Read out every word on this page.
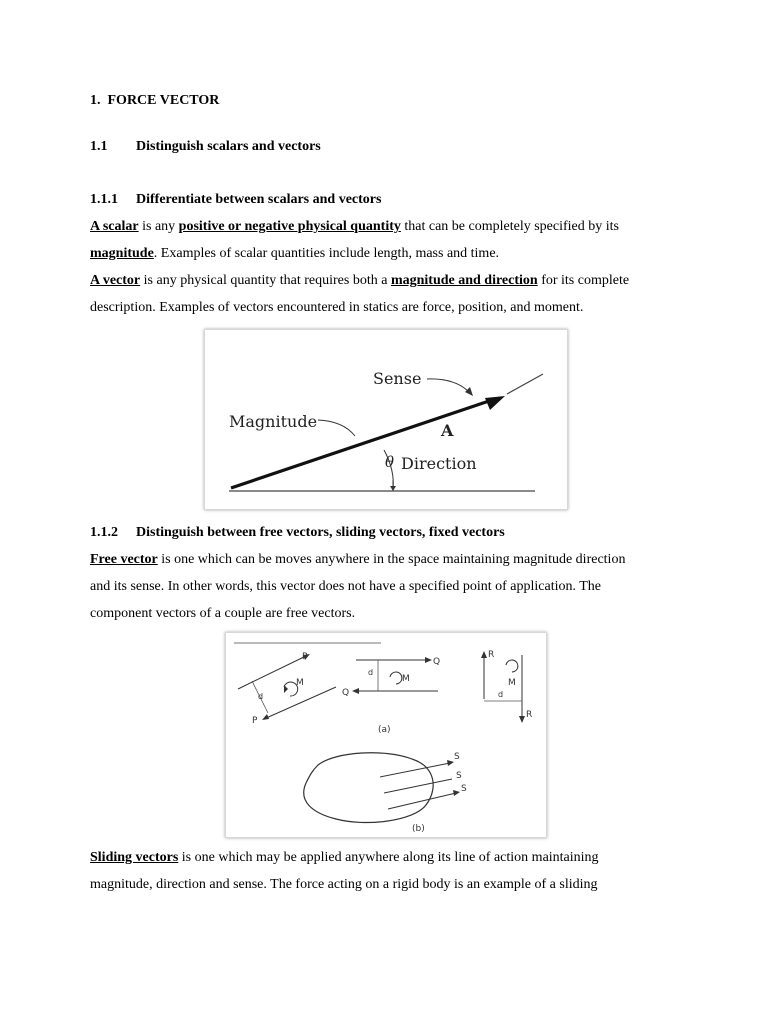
1. FORCE VECTOR
1.1 Distinguish scalars and vectors
1.1.1 Differentiate between scalars and vectors
A scalar is any positive or negative physical quantity that can be completely specified by its
magnitude. Examples of scalar quantities include length, mass and time.
A vector is any physical quantity that requires both a magnitude and direction for its complete
description. Examples of vectors encountered in statics are force, position, and moment.
Sense
Magnitude	A
θ Direction
1.1.2 Distinguish between free vectors, sliding vectors, fixed vectors
Free vector is one which can be moves anywhere in the space maintaining magnitude direction
and its sense. In other words, this vector does not have a specified point of application. The
component vectors of a couple are free vectors.
P
P
M
d
Q
Q
M
d
R
R
M
d
(a)
S
S
S
(b)
Sliding vectors is one which may be applied anywhere along its line of action maintaining
magnitude, direction and sense. The force acting on a rigid body is an example of a sliding
